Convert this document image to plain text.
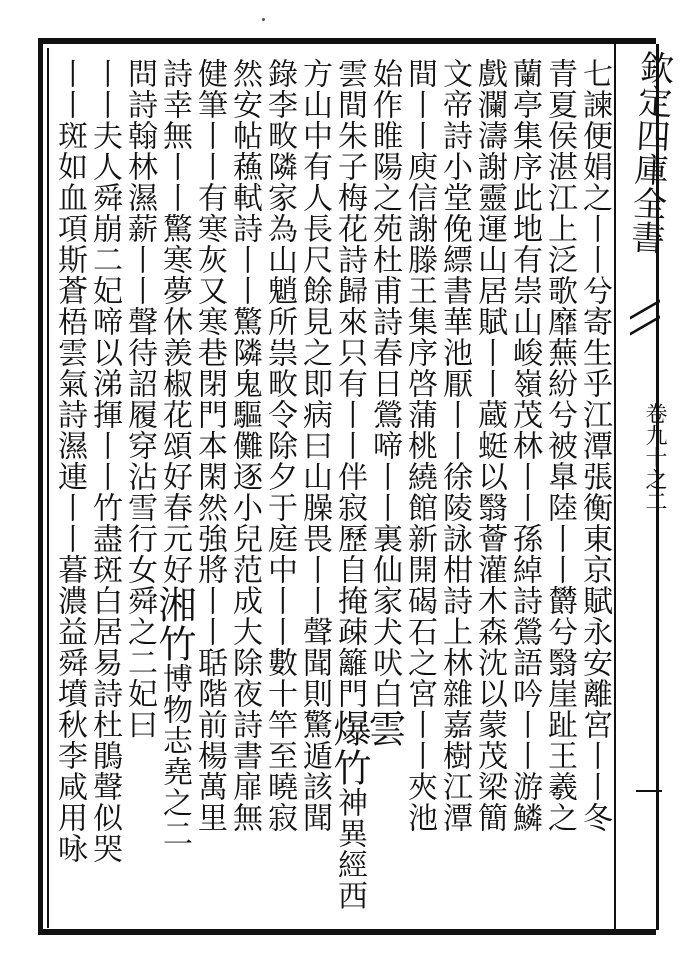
欽定四庫全書
卷九十之二
七諫便娟之丨丨兮寄生乎江潭張衡東京賦永安離宮丨丨冬
青夏侯湛江上泛歌靡蕪紛兮被臯陸丨丨欝兮翳崖趾王羲之
蘭亭集序此地有崇山峻嶺茂林丨丨孫綽詩鶯語吟丨丨游鱗
戲瀾濤謝靈運山居賦丨丨蔵蜓以翳薈灌木森沈以蒙茂梁簡
文帝詩小堂俛縹書華池厭丨丨徐陵詠柑詩上林雜嘉樹江潭
間丨丨庾信謝滕王集序啓蒲桃繞館新開碣石之宮丨丨夾池
始作睢陽之苑杜甫詩春日鶯啼丨丨裏仙家犬吠白雲
雲間朱子梅花詩歸來只有丨丨伴寂歷自掩疎籬門爆竹神異經西
方山中有人長尺餘見之即病曰山臊畏丨丨聲聞則驚遁該聞
錄李畋隣家為山魈所祟畋令除夕于庭中丨丨數十竿至曉寂
然安帖蘓軾詩丨丨驚隣鬼驅儺逐小兒范成大除夜詩書扉無
健筆丨丨有寒灰又寒巷閉門本閑然強將丨丨聒階前楊萬里
丨丨夫人舜崩二妃啼以涕揮丨丨竹盡斑白居易詩杜鵑聲似哭
丨丨斑如血項斯蒼梧雲氣詩濕連丨丨暮濃益舜墳秋李咸用咏 詩幸無丨丨驚寒夢休羨椒花頌好春元好湘竹博物志堯之二
問詩翰林濕薪丨丨聲待詔履穿沾雪行女舜之二妃曰
